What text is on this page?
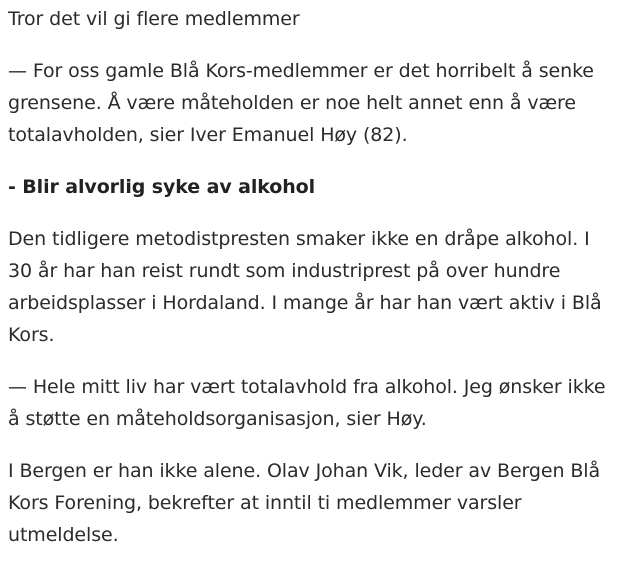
Tror det vil gi flere medlemmer

— For oss gamle Blå Kors-medlemmer er det horribelt å senke grensene. Å være måteholden er noe helt annet enn å være totalavholden, sier Iver Emanuel Høy (82).

- Blir alvorlig syke av alkohol

Den tidligere metodistpresten smaker ikke en dråpe alkohol. I 30 år har han reist rundt som industriprest på over hundre arbeidsplasser i Hordaland. I mange år har han vært aktiv i Blå Kors.

— Hele mitt liv har vært totalavhold fra alkohol. Jeg ønsker ikke å støtte en måteholdsorganisasjon, sier Høy.

I Bergen er han ikke alene. Olav Johan Vik, leder av Bergen Blå Kors Forening, bekrefter at inntil ti medlemmer varsler utmeldelse.
